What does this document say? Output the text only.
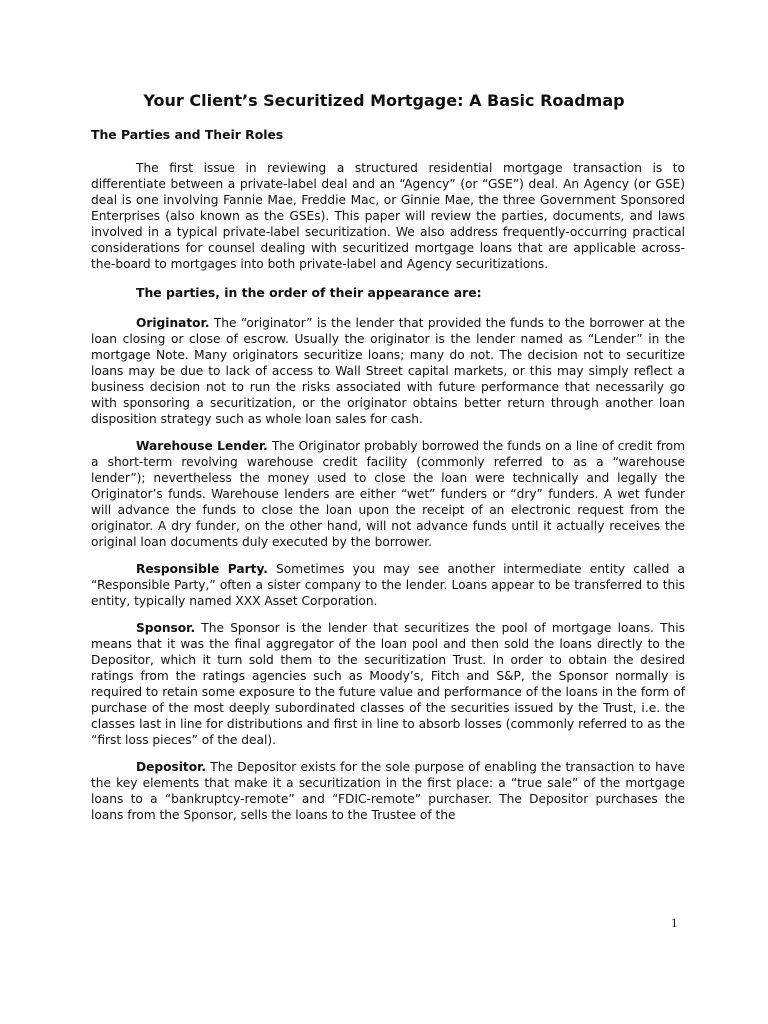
Your Client’s Securitized Mortgage: A Basic Roadmap
The Parties and Their Roles

The first issue in reviewing a structured residential mortgage transaction is to differentiate between a private-label deal and an “Agency” (or “GSE”) deal. An Agency (or GSE) deal is one involving Fannie Mae, Freddie Mac, or Ginnie Mae, the three Government Sponsored Enterprises (also known as the GSEs). This paper will review the parties, documents, and laws involved in a typical private-label securitization. We also address frequently-occurring practical considerations for counsel dealing with securitized mortgage loans that are applicable across-the-board to mortgages into both private-label and Agency securitizations.

The parties, in the order of their appearance are:

Originator. The “originator” is the lender that provided the funds to the borrower at the loan closing or close of escrow. Usually the originator is the lender named as “Lender” in the mortgage Note. Many originators securitize loans; many do not. The decision not to securitize loans may be due to lack of access to Wall Street capital markets, or this may simply reflect a business decision not to run the risks associated with future performance that necessarily go with sponsoring a securitization, or the originator obtains better return through another loan disposition strategy such as whole loan sales for cash.

Warehouse Lender. The Originator probably borrowed the funds on a line of credit from a short-term revolving warehouse credit facility (commonly referred to as a “warehouse lender”); nevertheless the money used to close the loan were technically and legally the Originator’s funds. Warehouse lenders are either “wet” funders or “dry” funders. A wet funder will advance the funds to close the loan upon the receipt of an electronic request from the originator. A dry funder, on the other hand, will not advance funds until it actually receives the original loan documents duly executed by the borrower.

Responsible Party. Sometimes you may see another intermediate entity called a “Responsible Party,” often a sister company to the lender. Loans appear to be transferred to this entity, typically named XXX Asset Corporation.

Sponsor. The Sponsor is the lender that securitizes the pool of mortgage loans. This means that it was the final aggregator of the loan pool and then sold the loans directly to the Depositor, which it turn sold them to the securitization Trust. In order to obtain the desired ratings from the ratings agencies such as Moody’s, Fitch and S&P, the Sponsor normally is required to retain some exposure to the future value and performance of the loans in the form of purchase of the most deeply subordinated classes of the securities issued by the Trust, i.e. the classes last in line for distributions and first in line to absorb losses (commonly referred to as the “first loss pieces” of the deal).

Depositor. The Depositor exists for the sole purpose of enabling the transaction to have the key elements that make it a securitization in the first place: a “true sale” of the mortgage loans to a “bankruptcy-remote” and “FDIC-remote” purchaser. The Depositor purchases the loans from the Sponsor, sells the loans to the Trustee of the

1
